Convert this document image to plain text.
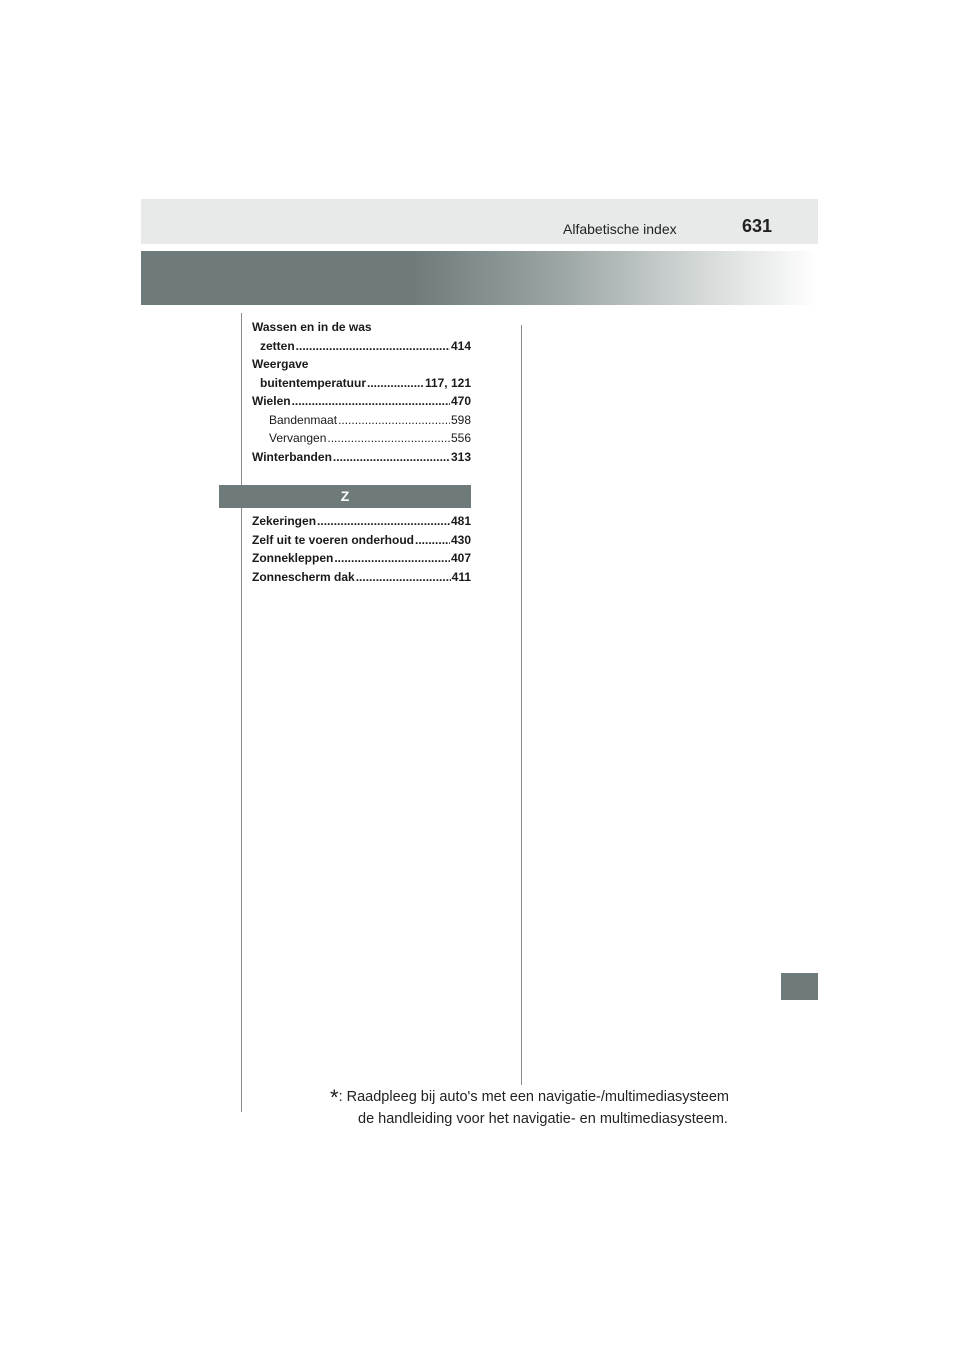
Alfabetische index	631
Wassen en in de was
zetten .....	414
Weergave
buitentemperatuur .....	117, 121
Wielen .....	470
Bandenmaat .....	598
Vervangen .....	556
Winterbanden .....	313
Z
Zekeringen .....	481
Zelf uit te voeren onderhoud .....	430
Zonnekleppen .....	407
Zonnescherm dak .....	411
*: Raadpleeg bij auto's met een navigatie-/multimediasysteem
de handleiding voor het navigatie- en multimediasysteem.
